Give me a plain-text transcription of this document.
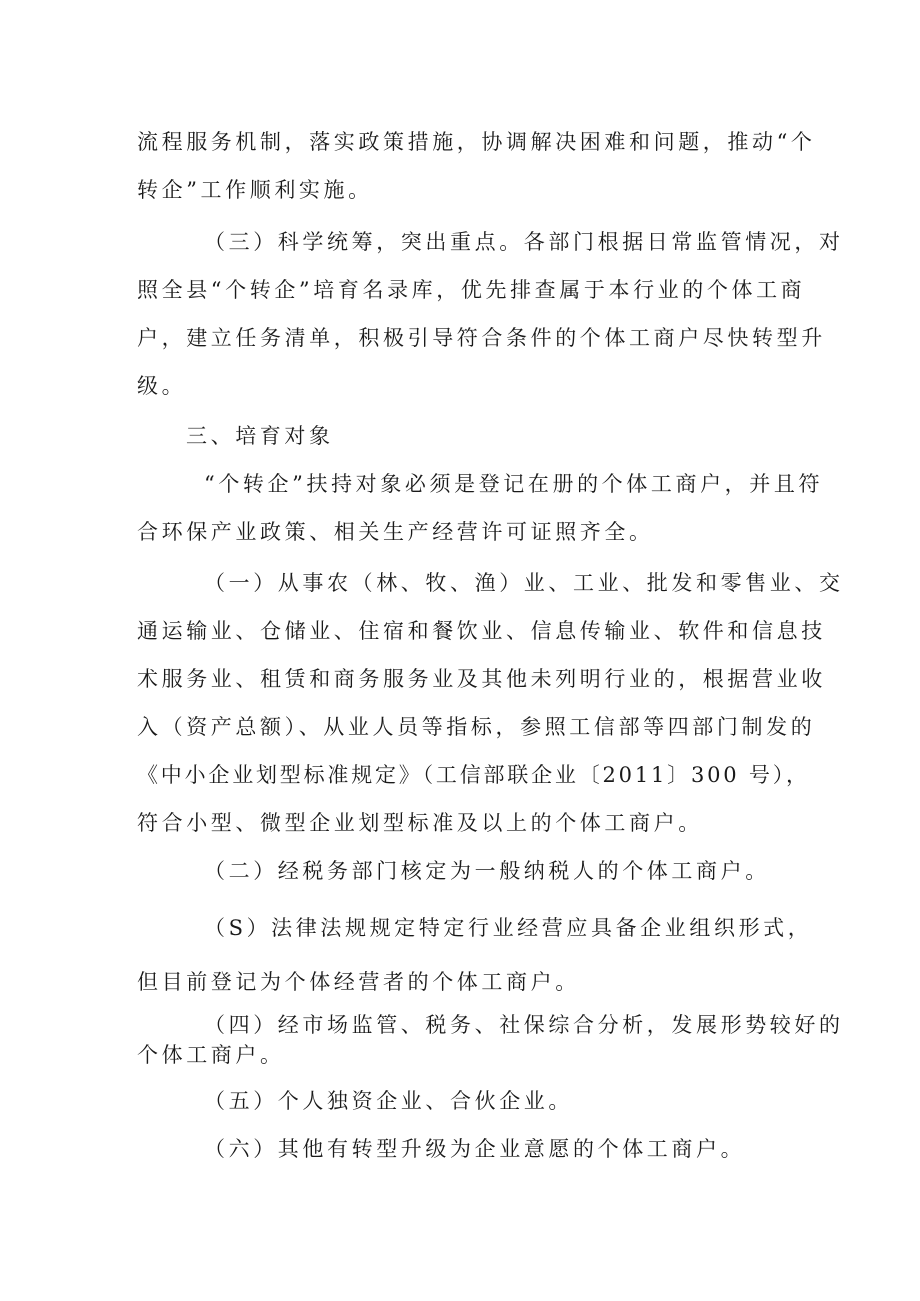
流程服务机制，落实政策措施，协调解决困难和问题，推动“个
转企”工作顺利实施。
（三）科学统筹，突出重点。各部门根据日常监管情况，对
照全县“个转企”培育名录库，优先排查属于本行业的个体工商
户，建立任务清单，积极引导符合条件的个体工商户尽快转型升
级。
三、培育对象
“个转企”扶持对象必须是登记在册的个体工商户，并且符
合环保产业政策、相关生产经营许可证照齐全。
（一）从事农（林、牧、渔）业、工业、批发和零售业、交
通运输业、仓储业、住宿和餐饮业、信息传输业、软件和信息技
术服务业、租赁和商务服务业及其他未列明行业的，根据营业收
入（资产总额）、从业人员等指标，参照工信部等四部门制发的
《中小企业划型标准规定》（工信部联企业〔2011〕300 号），
符合小型、微型企业划型标准及以上的个体工商户。
（二）经税务部门核定为一般纳税人的个体工商户。
（S）法律法规规定特定行业经营应具备企业组织形式，
但目前登记为个体经营者的个体工商户。
（四）经市场监管、税务、社保综合分析，发展形势较好的
个体工商户。
（五）个人独资企业、合伙企业。
（六）其他有转型升级为企业意愿的个体工商户。
